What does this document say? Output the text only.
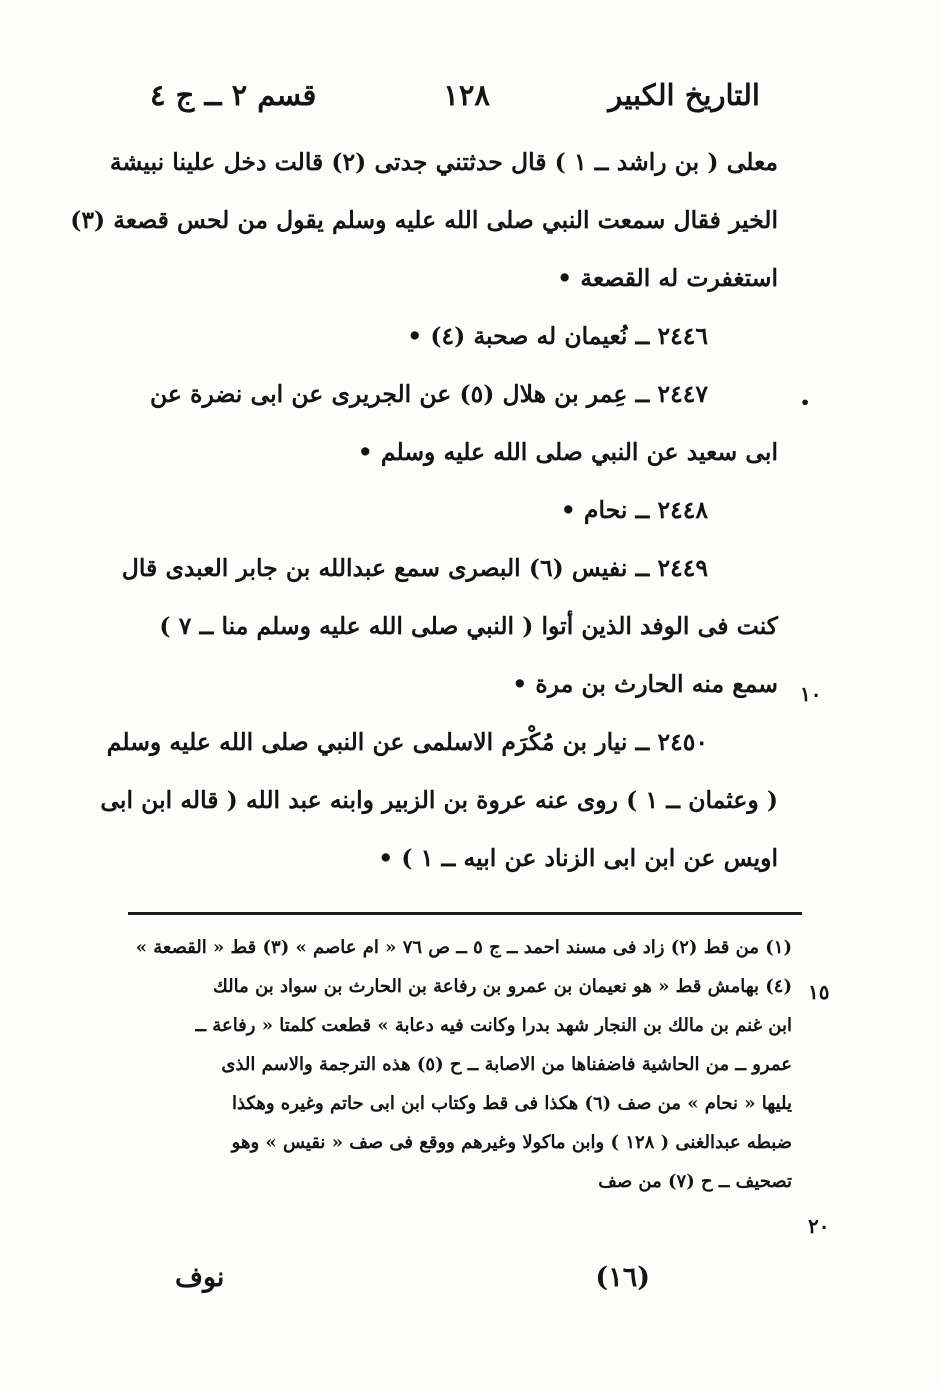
التاريخ الكبير
١٢٨
قسم ٢ ــ ج ٤
معلى ( بن راشد ــ ١ ) قال حدثتني جدتى (٢) قالت دخل علينا نبيشة
الخير فقال سمعت النبي صلى الله عليه وسلم يقول من لحس قصعة (٣)
استغفرت له القصعة •
٢٤٤٦ ــ نُعيمان له صحبة (٤) •
٢٤٤٧ ــ عِمر بن هلال (٥) عن الجريرى عن ابى نضرة عن
ابى سعيد عن النبي صلى الله عليه وسلم •
٢٤٤٨ ــ نحام •
٢٤٤٩ ــ نفيس (٦) البصرى سمع عبدالله بن جابر العبدى قال
كنت فى الوفد الذين أتوا ( النبي صلى الله عليه وسلم منا ــ ٧ )
سمع منه الحارث بن مرة •
٢٤٥٠ ــ نيار بن مُكْرَم الاسلمى عن النبي صلى الله عليه وسلم
( وعثمان ــ ١ ) روى عنه عروة بن الزبير وابنه عبد الله ( قاله ابن ابى
اويس عن ابن ابى الزناد عن ابيه ــ ١ ) •
•
١٠
(١) من قط (٢) زاد فى مسند احمد ــ ج ٥ ــ ص ٧٦ « ام عاصم » (٣) قط « القصعة »
(٤) بهامش قط « هو نعيمان بن عمرو بن رفاعة بن الحارث بن سواد بن مالك
ابن غنم بن مالك بن النجار شهد بدرا وكانت فيه دعابة » قطعت كلمتا « رفاعة ــ
عمرو ــ من الحاشية فاضفناها من الاصابة ــ ح (٥) هذه الترجمة والاسم الذى
يليها « نحام » من صف (٦) هكذا فى قط وكتاب ابن ابى حاتم وغيره وهكذا
ضبطه عبدالغنى ( ١٢٨ ) وابن ماكولا وغيرهم ووقع فى صف « نقيس » وهو
تصحيف ــ ح (٧) من صف
١٥
٢٠
(١٦)
نوف
